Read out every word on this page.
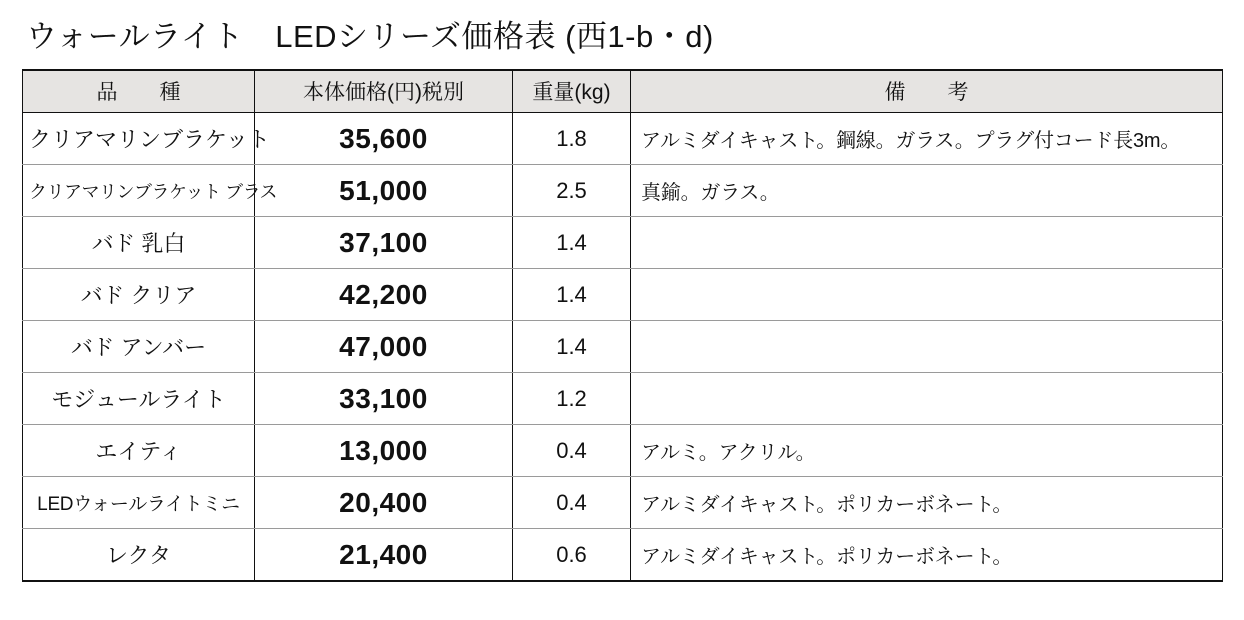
ウォールライト　LEDシリーズ価格表 (西1-b・d)
品　　種	本体価格(円)税別	重量(kg)	備　　考
クリアマリンブラケット	35,600	1.8	アルミダイキャスト。鋼線。ガラス。プラグ付コード長3m。
クリアマリンブラケット ブラス	51,000	2.5	真鍮。ガラス。
バド 乳白	37,100	1.4	
バド クリア	42,200	1.4	
バド アンバー	47,000	1.4	
モジュールライト	33,100	1.2	
エイティ	13,000	0.4	アルミ。アクリル。
LEDウォールライトミニ	20,400	0.4	アルミダイキャスト。ポリカーボネート。
レクタ	21,400	0.6	アルミダイキャスト。ポリカーボネート。
